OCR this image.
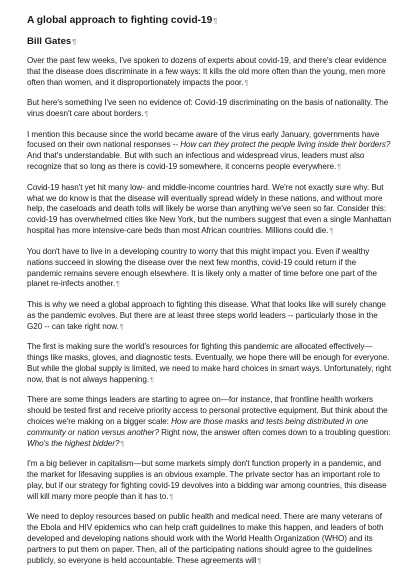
A global approach to fighting covid-19¶
Bill Gates¶

Over the past few weeks, I've spoken to dozens of experts about covid-19, and there's clear evidence that the disease does discriminate in a few ways: It kills the old more often than the young, men more often than women, and it disproportionately impacts the poor.¶

But here's something I've seen no evidence of: Covid-19 discriminating on the basis of nationality. The virus doesn't care about borders.¶

I mention this because since the world became aware of the virus early January, governments have focused on their own national responses -- How can they protect the people living inside their borders? And that's understandable. But with such an infectious and widespread virus, leaders must also recognize that so long as there is covid-19 somewhere, it concerns people everywhere.¶

Covid-19 hasn't yet hit many low- and middle-income countries hard. We're not exactly sure why. But what we do know is that the disease will eventually spread widely in these nations, and without more help, the caseloads and death tolls will likely be worse than anything we've seen so far. Consider this: covid-19 has overwhelmed cities like New York, but the numbers suggest that even a single Manhattan hospital has more intensive-care beds than most African countries. Millions could die.¶

You don't have to live in a developing country to worry that this might impact you. Even if wealthy nations succeed in slowing the disease over the next few months, covid-19 could return if the pandemic remains severe enough elsewhere. It is likely only a matter of time before one part of the planet re-infects another.¶

This is why we need a global approach to fighting this disease. What that looks like will surely change as the pandemic evolves. But there are at least three steps world leaders -- particularly those in the G20 -- can take right now.¶

The first is making sure the world's resources for fighting this pandemic are allocated effectively—things like masks, gloves, and diagnostic tests. Eventually, we hope there will be enough for everyone. But while the global supply is limited, we need to make hard choices in smart ways. Unfortunately, right now, that is not always happening.¶

There are some things leaders are starting to agree on—for instance, that frontline health workers should be tested first and receive priority access to personal protective equipment. But think about the choices we're making on a bigger scale: How are those masks and tests being distributed in one community or nation versus another? Right now, the answer often comes down to a troubling question: Who's the highest bidder?¶

I'm a big believer in capitalism—but some markets simply don't function properly in a pandemic, and the market for lifesaving supplies is an obvious example. The private sector has an important role to play, but if our strategy for fighting covid-19 devolves into a bidding war among countries, this disease will kill many more people than it has to.¶

We need to deploy resources based on public health and medical need. There are many veterans of the Ebola and HIV epidemics who can help craft guidelines to make this happen, and leaders of both developed and developing nations should work with the World Health Organization (WHO) and its partners to put them on paper. Then, all of the participating nations should agree to the guidelines publicly, so everyone is held accountable. These agreements will¶
